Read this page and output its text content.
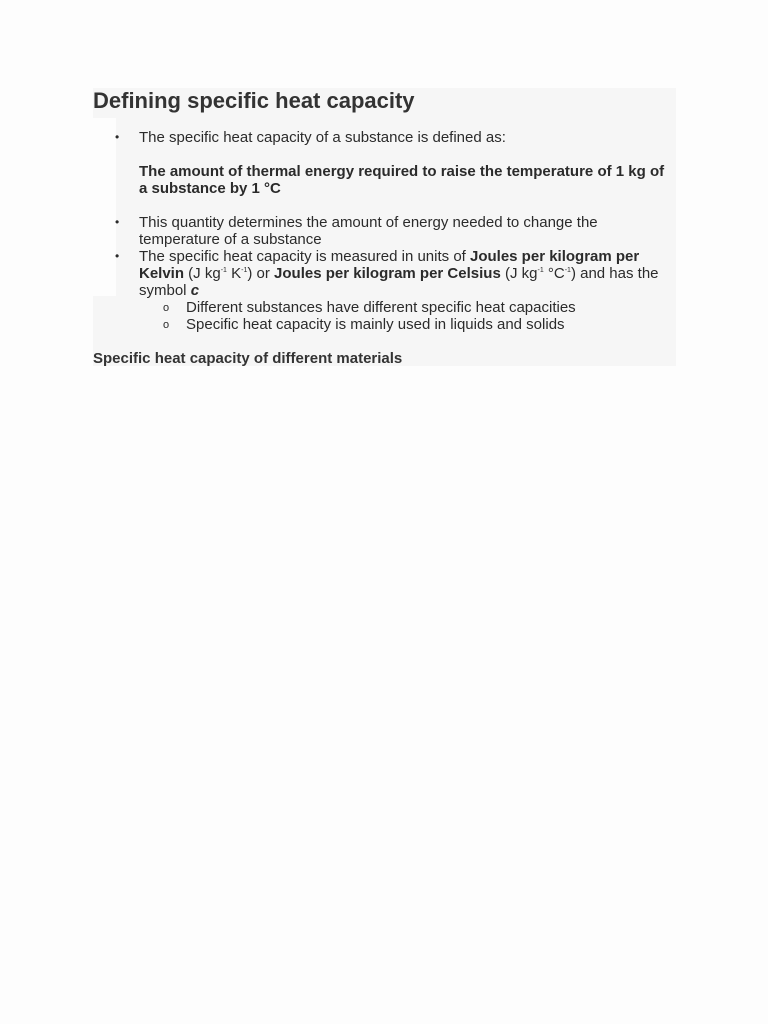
Defining specific heat capacity
• The specific heat capacity of a substance is defined as:
The amount of thermal energy required to raise the temperature of 1 kg of a substance by 1 °C
• This quantity determines the amount of energy needed to change the temperature of a substance
• The specific heat capacity is measured in units of Joules per kilogram per Kelvin (J $kg^{-1}$ $K^{-1}$) or Joules per kilogram per Celsius (J $kg^{-1}$ $^\circ C^{-1}$) and has the symbol c
o Different substances have different specific heat capacities
o Specific heat capacity is mainly used in liquids and solids
Specific heat capacity of different materials
